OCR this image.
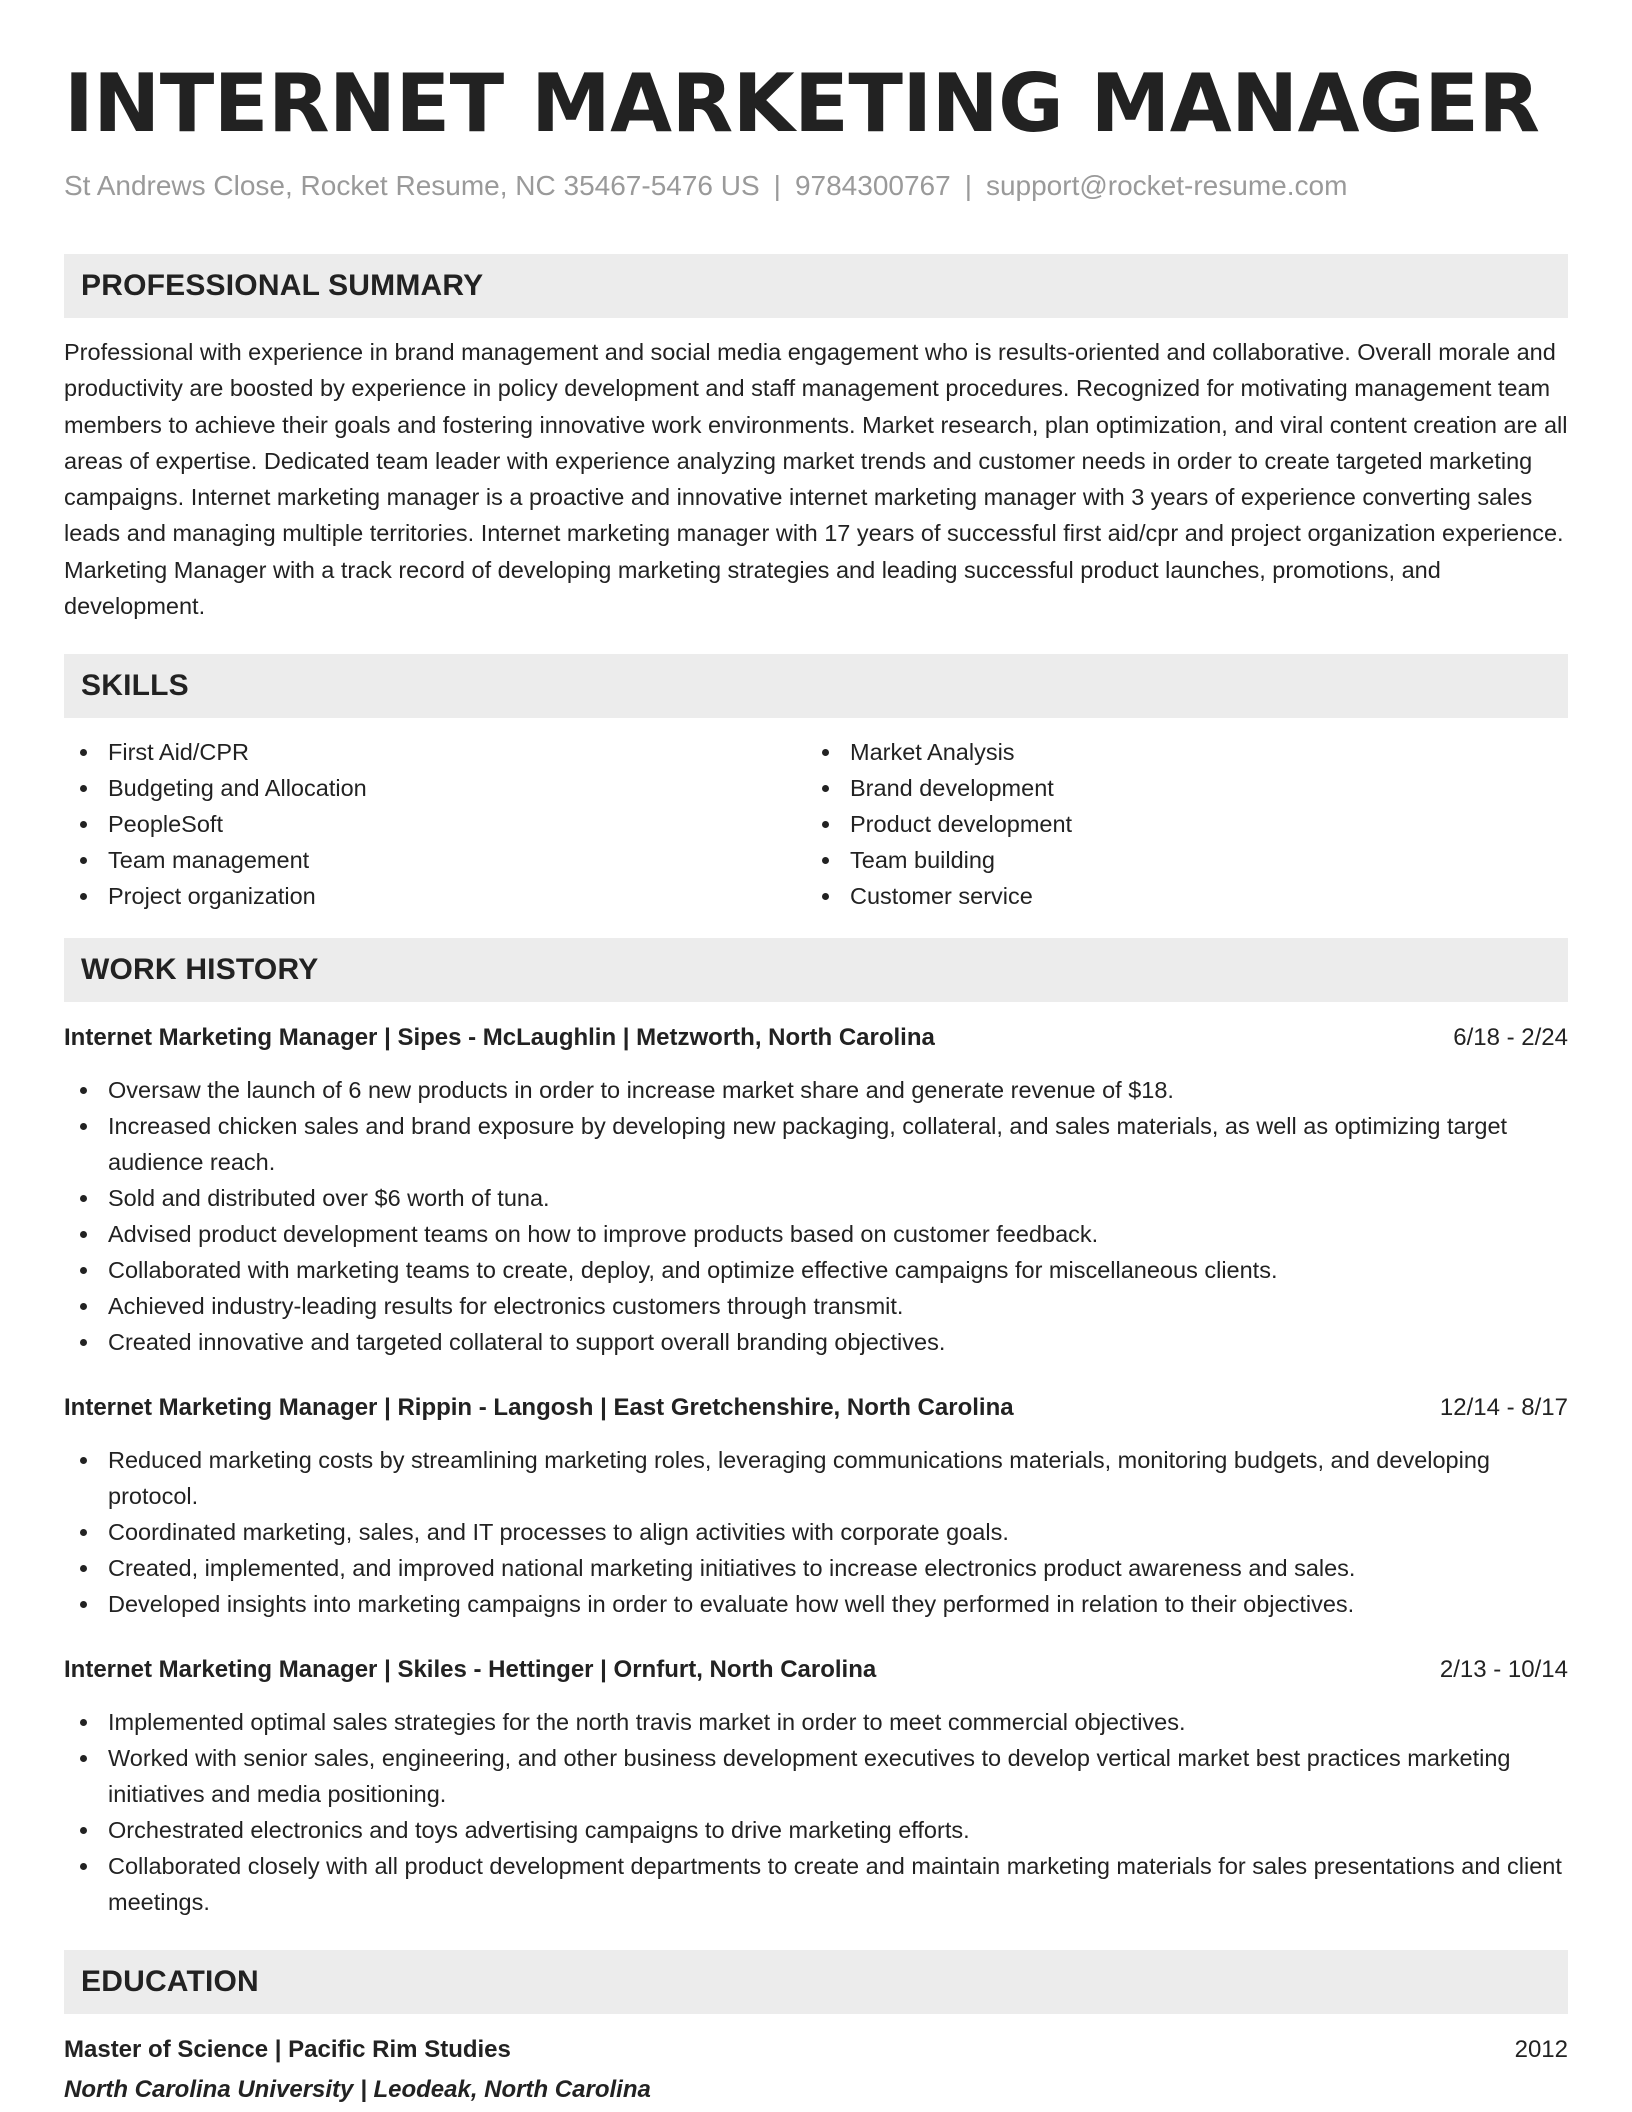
INTERNET MARKETING MANAGER
St Andrews Close, Rocket Resume, NC 35467-5476 US | 9784300767 | support@rocket-resume.com
PROFESSIONAL SUMMARY

Professional with experience in brand management and social media engagement who is results-oriented and collaborative. Overall morale and productivity are boosted by experience in policy development and staff management procedures. Recognized for motivating management team members to achieve their goals and fostering innovative work environments. Market research, plan optimization, and viral content creation are all areas of expertise. Dedicated team leader with experience analyzing market trends and customer needs in order to create targeted marketing campaigns. Internet marketing manager is a proactive and innovative internet marketing manager with 3 years of experience converting sales leads and managing multiple territories. Internet marketing manager with 17 years of successful first aid/cpr and project organization experience. Marketing Manager with a track record of developing marketing strategies and leading successful product launches, promotions, and development.

SKILLS
First Aid/CPR
Budgeting and Allocation
PeopleSoft
Team management
Project organization
Market Analysis
Brand development
Product development
Team building
Customer service
WORK HISTORY
Internet Marketing Manager | Sipes - McLaughlin | Metzworth, North Carolina	6/18 - 2/24
Oversaw the launch of 6 new products in order to increase market share and generate revenue of $18.
Increased chicken sales and brand exposure by developing new packaging, collateral, and sales materials, as well as optimizing target audience reach.
Sold and distributed over $6 worth of tuna.
Advised product development teams on how to improve products based on customer feedback.
Collaborated with marketing teams to create, deploy, and optimize effective campaigns for miscellaneous clients.
Achieved industry-leading results for electronics customers through transmit.
Created innovative and targeted collateral to support overall branding objectives.
Internet Marketing Manager | Rippin - Langosh | East Gretchenshire, North Carolina	12/14 - 8/17
Reduced marketing costs by streamlining marketing roles, leveraging communications materials, monitoring budgets, and developing protocol.
Coordinated marketing, sales, and IT processes to align activities with corporate goals.
Created, implemented, and improved national marketing initiatives to increase electronics product awareness and sales.
Developed insights into marketing campaigns in order to evaluate how well they performed in relation to their objectives.
Internet Marketing Manager | Skiles - Hettinger | Ornfurt, North Carolina	2/13 - 10/14
Implemented optimal sales strategies for the north travis market in order to meet commercial objectives.
Worked with senior sales, engineering, and other business development executives to develop vertical market best practices marketing initiatives and media positioning.
Orchestrated electronics and toys advertising campaigns to drive marketing efforts.
Collaborated closely with all product development departments to create and maintain marketing materials for sales presentations and client meetings.
EDUCATION
Master of Science | Pacific Rim Studies	2012
North Carolina University | Leodeak, North Carolina
